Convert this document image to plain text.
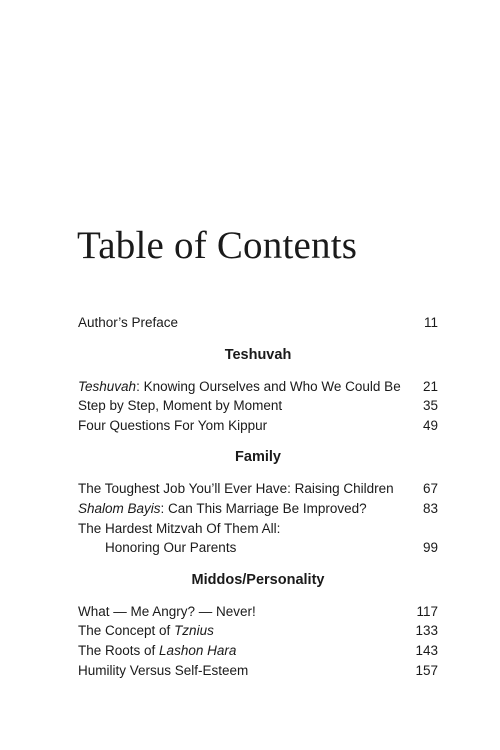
Table of Contents
Author’s Preface	11
Teshuvah
Teshuvah: Knowing Ourselves and Who We Could Be	21
Step by Step, Moment by Moment	35
Four Questions For Yom Kippur	49
Family
The Toughest Job You’ll Ever Have: Raising Children	67
Shalom Bayis: Can This Marriage Be Improved?	83
The Hardest Mitzvah Of Them All:
Honoring Our Parents	99
Middos/Personality
What — Me Angry? — Never!	117
The Concept of Tznius	133
The Roots of Lashon Hara	143
Humility Versus Self-Esteem	157
